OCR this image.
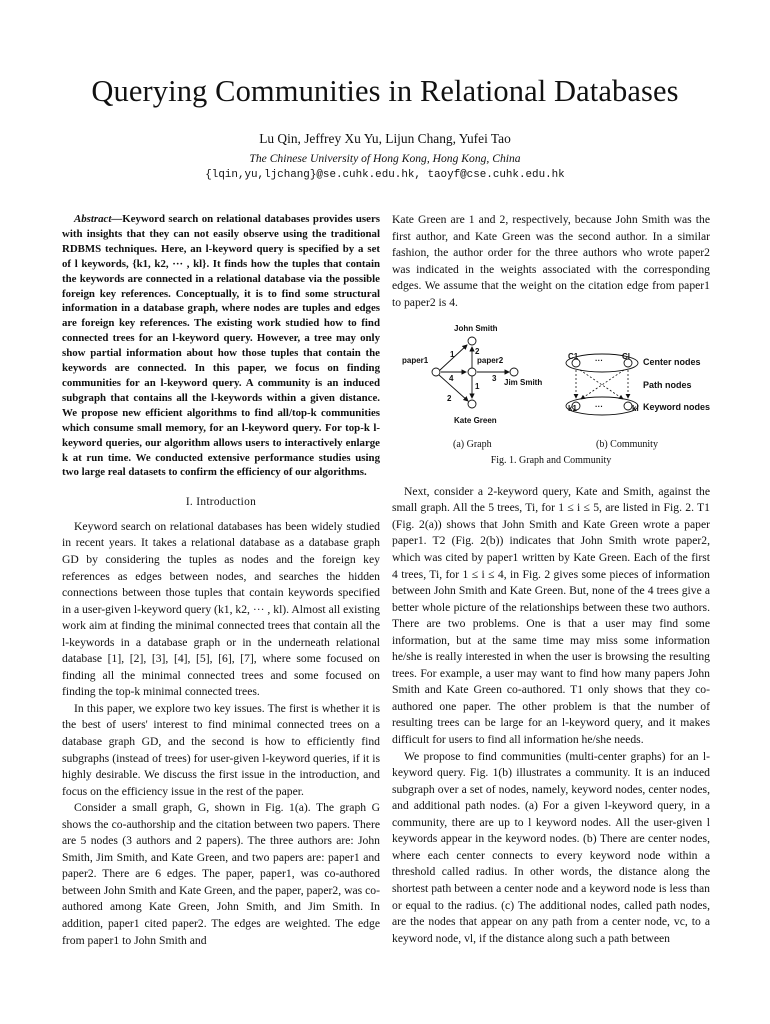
Querying Communities in Relational Databases
Lu Qin, Jeffrey Xu Yu, Lijun Chang, Yufei Tao
The Chinese University of Hong Kong, Hong Kong, China
{lqin,yu,ljchang}@se.cuhk.edu.hk, taoyf@cse.cuhk.edu.hk

Abstract—Keyword search on relational databases provides users with insights that they can not easily observe using the traditional RDBMS techniques. Here, an l-keyword query is specified by a set of l keywords, {k1, k2, ··· , kl}. It finds how the tuples that contain the keywords are connected in a relational database via the possible foreign key references. Conceptually, it is to find some structural information in a database graph, where nodes are tuples and edges are foreign key references. The existing work studied how to find connected trees for an l-keyword query. However, a tree may only show partial information about how those tuples that contain the keywords are connected. In this paper, we focus on finding communities for an l-keyword query. A community is an induced subgraph that contains all the l-keywords within a given distance. We propose new efficient algorithms to find all/top-k communities which consume small memory, for an l-keyword query. For top-k l-keyword queries, our algorithm allows users to interactively enlarge k at run time. We conducted extensive performance studies using two large real datasets to confirm the efficiency of our algorithms.

I. Introduction

Keyword search on relational databases has been widely studied in recent years. It takes a relational database as a database graph GD by considering the tuples as nodes and the foreign key references as edges between nodes, and searches the hidden connections between those tuples that contain keywords specified in a user-given l-keyword query (k1, k2, ··· , kl). Almost all existing work aim at finding the minimal connected trees that contain all the l-keywords in a database graph or in the underneath relational database [1], [2], [3], [4], [5], [6], [7], where some focused on finding all the minimal connected trees and some focused on finding the top-k minimal connected trees.

In this paper, we explore two key issues. The first is whether it is the best of users' interest to find minimal connected trees on a database graph GD, and the second is how to efficiently find subgraphs (instead of trees) for user-given l-keyword queries, if it is highly desirable. We discuss the first issue in the introduction, and focus on the efficiency issue in the rest of the paper.

Consider a small graph, G, shown in Fig. 1(a). The graph G shows the co-authorship and the citation between two papers. There are 5 nodes (3 authors and 2 papers). The three authors are: John Smith, Jim Smith, and Kate Green, and two papers are: paper1 and paper2. There are 6 edges. The paper, paper1, was co-authored between John Smith and Kate Green, and the paper, paper2, was co-authored among Kate Green, John Smith, and Jim Smith. In addition, paper1 cited paper2. The edges are weighted. The edge from paper1 to John Smith and

Kate Green are 1 and 2, respectively, because John Smith was the first author, and Kate Green was the second author. In a similar fashion, the author order for the three authors who wrote paper2 was indicated in the weights associated with the corresponding edges. We assume that the weight on the citation edge from paper1 to paper2 is 4.

John Smith
paper1	paper2
Jim Smith
Kate Green
1	2
4	3
1
2
C1 ··· Cl
k1 ···	kl
Center nodes
Path nodes
Keyword nodes
(a) Graph	(b) Community
Fig. 1. Graph and Community

Next, consider a 2-keyword query, Kate and Smith, against the small graph. All the 5 trees, Ti, for 1 ≤ i ≤ 5, are listed in Fig. 2. T1 (Fig. 2(a)) shows that John Smith and Kate Green wrote a paper paper1. T2 (Fig. 2(b)) indicates that John Smith wrote paper2, which was cited by paper1 written by Kate Green. Each of the first 4 trees, Ti, for 1 ≤ i ≤ 4, in Fig. 2 gives some pieces of information between John Smith and Kate Green. But, none of the 4 trees give a better whole picture of the relationships between these two authors. There are two problems. One is that a user may find some information, but at the same time may miss some information he/she is really interested in when the user is browsing the resulting trees. For example, a user may want to find how many papers John Smith and Kate Green co-authored. T1 only shows that they co-authored one paper. The other problem is that the number of resulting trees can be large for an l-keyword query, and it makes difficult for users to find all information he/she needs.

We propose to find communities (multi-center graphs) for an l-keyword query. Fig. 1(b) illustrates a community. It is an induced subgraph over a set of nodes, namely, keyword nodes, center nodes, and additional path nodes. (a) For a given l-keyword query, in a community, there are up to l keyword nodes. All the user-given l keywords appear in the keyword nodes. (b) There are center nodes, where each center connects to every keyword node within a threshold called radius. In other words, the distance along the shortest path between a center node and a keyword node is less than or equal to the radius. (c) The additional nodes, called path nodes, are the nodes that appear on any path from a center node, vc, to a keyword node, vl, if the distance along such a path between
